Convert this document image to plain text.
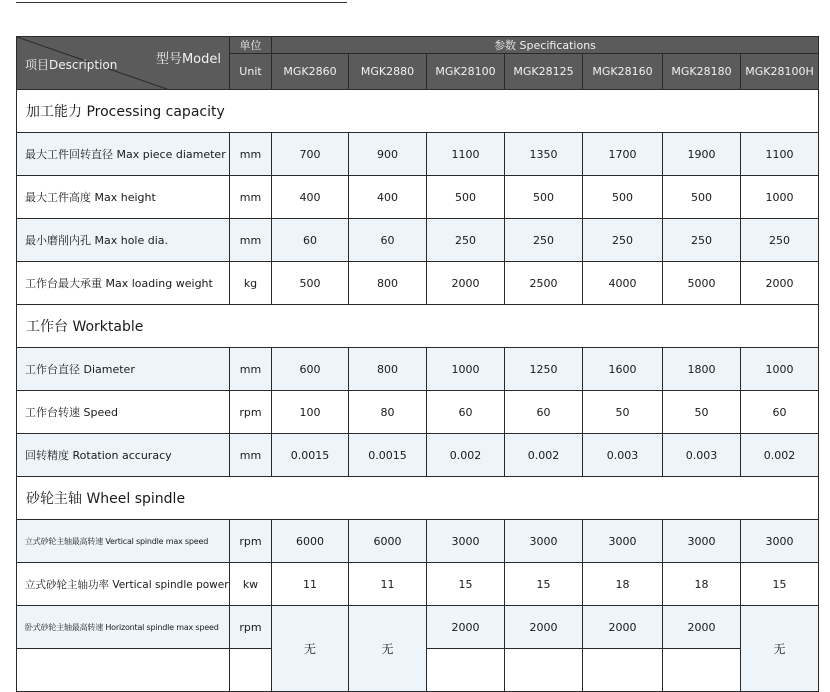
型号Model
项目Description	单位	参数 Specifications						
	Unit	MGK2860	MGK2880	MGK28100	MGK28125	MGK28160	MGK28180	MGK28100H
加工能力 Processing capacity								
最大工件回转直径 Max piece diameter	mm	700	900	1100	1350	1700	1900	1100
最大工件高度 Max height	mm	400	400	500	500	500	500	1000
最小磨削内孔 Max hole dia.	mm	60	60	250	250	250	250	250
工作台最大承重 Max loading weight	kg	500	800	2000	2500	4000	5000	2000
工作台 Worktable								
工作台直径 Diameter	mm	600	800	1000	1250	1600	1800	1000
工作台转速 Speed	rpm	100	80	60	60	50	50	60
回转精度 Rotation accuracy	mm	0.0015	0.0015	0.002	0.002	0.003	0.003	0.002
砂轮主轴 Wheel spindle								
立式砂轮主轴最高转速 Vertical spindle max speed	rpm	6000	6000	3000	3000	3000	3000	3000
立式砂轮主轴功率 Vertical spindle power	kw	11	11	15	15	18	18	15
卧式砂轮主轴最高转速 Horizontal spindle max speed	rpm	无	无	2000	2000	2000	2000	无
